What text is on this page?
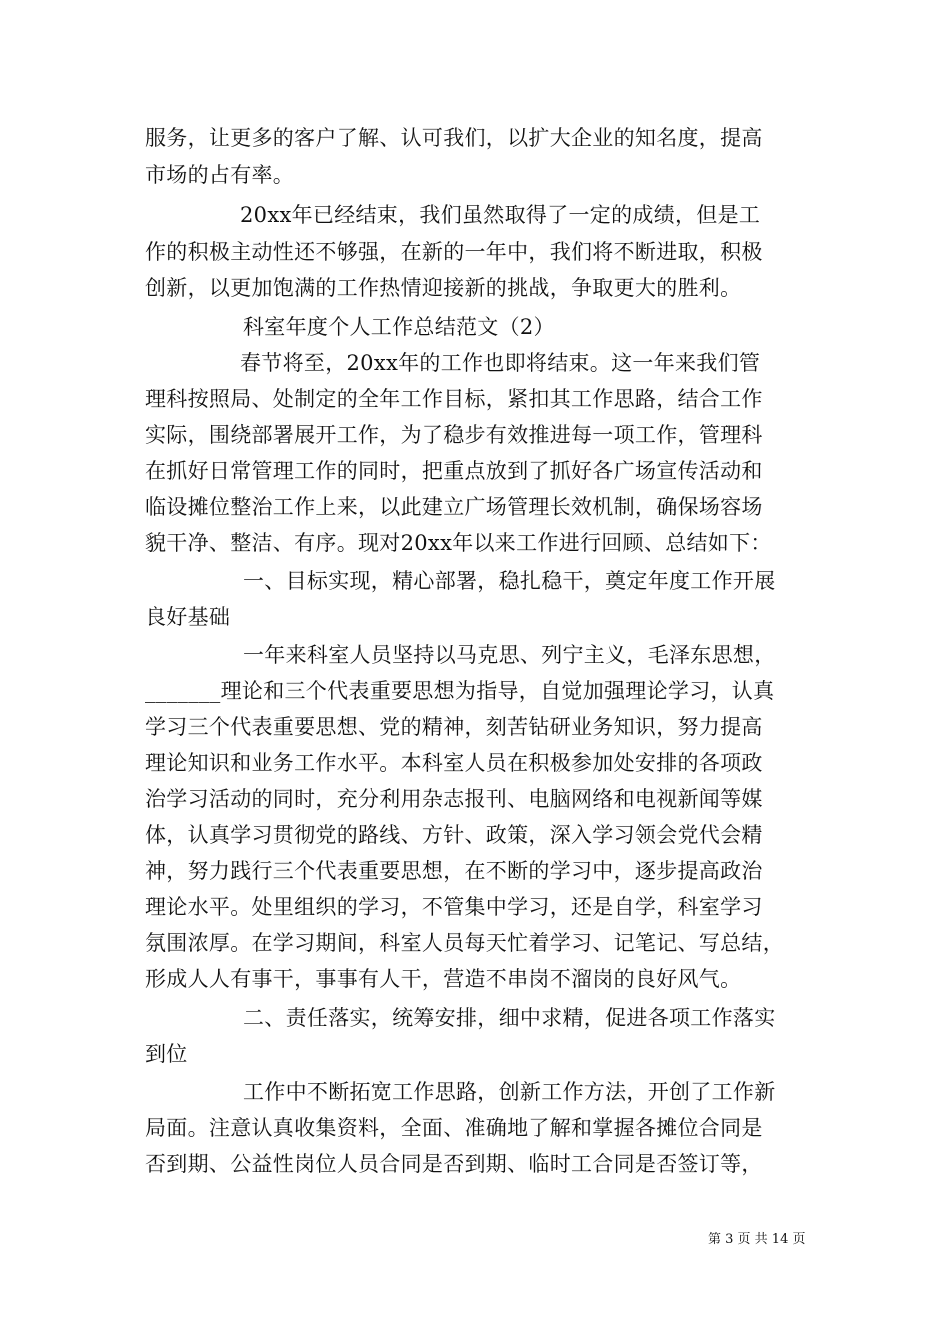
服务，让更多的客户了解、认可我们，以扩大企业的知名度，提高
市场的占有率。
20xx年已经结束，我们虽然取得了一定的成绩，但是工
作的积极主动性还不够强，在新的一年中，我们将不断进取，积极
创新，以更加饱满的工作热情迎接新的挑战，争取更大的胜利。
科室年度个人工作总结范文（2）
春节将至，20xx年的工作也即将结束。这一年来我们管
理科按照局、处制定的全年工作目标，紧扣其工作思路，结合工作
实际，围绕部署展开工作，为了稳步有效推进每一项工作，管理科
在抓好日常管理工作的同时，把重点放到了抓好各广场宣传活动和
临设摊位整治工作上来，以此建立广场管理长效机制，确保场容场
貌干净、整洁、有序。现对20xx年以来工作进行回顾、总结如下：
一、目标实现，精心部署，稳扎稳干，奠定年度工作开展
良好基础
一年来科室人员坚持以马克思、列宁主义，毛泽东思想，
_______理论和三个代表重要思想为指导，自觉加强理论学习，认真
学习三个代表重要思想、党的精神，刻苦钻研业务知识，努力提高
理论知识和业务工作水平。本科室人员在积极参加处安排的各项政
治学习活动的同时，充分利用杂志报刊、电脑网络和电视新闻等媒
体，认真学习贯彻党的路线、方针、政策，深入学习领会党代会精
神，努力践行三个代表重要思想，在不断的学习中，逐步提高政治
理论水平。处里组织的学习，不管集中学习，还是自学，科室学习
氛围浓厚。在学习期间，科室人员每天忙着学习、记笔记、写总结，
形成人人有事干，事事有人干，营造不串岗不溜岗的良好风气。
二、责任落实，统筹安排，细中求精，促进各项工作落实
到位
工作中不断拓宽工作思路，创新工作方法，开创了工作新
局面。注意认真收集资料，全面、准确地了解和掌握各摊位合同是
否到期、公益性岗位人员合同是否到期、临时工合同是否签订等，
第 3 页 共 14 页
